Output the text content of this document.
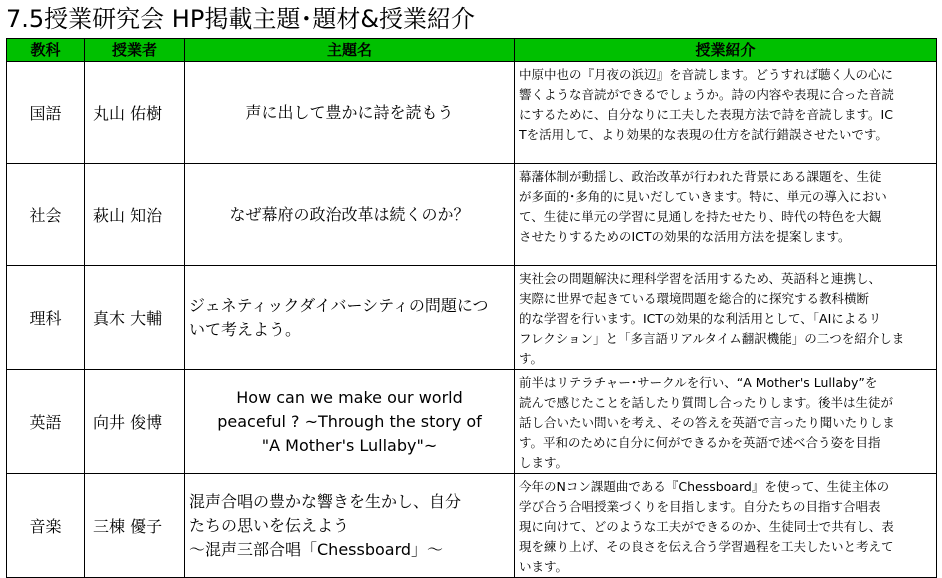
7.5授業研究会 HP掲載主題･題材&授業紹介
教科	授業者	主題名	授業紹介
国語	丸山 佑樹	声に出して豊かに詩を読もう	中原中也の『月夜の浜辺』を音読します。どうすれば聴く人の心に
響くような音読ができるでしょうか。詩の内容や表現に合った音読
にするために、自分なりに工夫した表現方法で詩を音読します。IC
Tを活用して、より効果的な表現の仕方を試行錯誤させたいです。

社会	萩山 知治	なぜ幕府の政治改革は続くのか？	幕藩体制が動揺し、政治改革が行われた背景にある課題を、生徒
が多面的･多角的に見いだしていきます。特に、単元の導入におい
て、生徒に単元の学習に見通しを持たせたり、時代の特色を大観
させたりするためのICTの効果的な活用方法を提案します。

理科	真木 大輔	ジェネティックダイバーシティの問題につ
いて考えよう。	実社会の問題解決に理科学習を活用するため、英語科と連携し、
実際に世界で起きている環境問題を総合的に探究する教科横断
的な学習を行います。ICTの効果的な利活用として、「AIによるリ
フレクション」と「多言語リアルタイム翻訳機能」の二つを紹介しま
す。

英語	向井 俊博	How can we make our world
peaceful ? ~Through the story of
"A Mother's Lullaby"~	前半はリテラチャー･サークルを行い、“A Mother's Lullaby”を
読んで感じたことを話したり質問し合ったりします。後半は生徒が
話し合いたい問いを考え、その答えを英語で言ったり聞いたりしま
す。平和のために自分に何ができるかを英語で述べ合う姿を目指
します。

音楽	三棟 優子	混声合唱の豊かな響きを生かし、自分
たちの思いを伝えよう
～混声三部合唱「Chessboard」～	今年のNコン課題曲である『Chessboard』を使って、生徒主体の
学び合う合唱授業づくりを目指します。自分たちの目指す合唱表
現に向けて、どのような工夫ができるのか、生徒同士で共有し、表
現を練り上げ、その良さを伝え合う学習過程を工夫したいと考えて
います。
